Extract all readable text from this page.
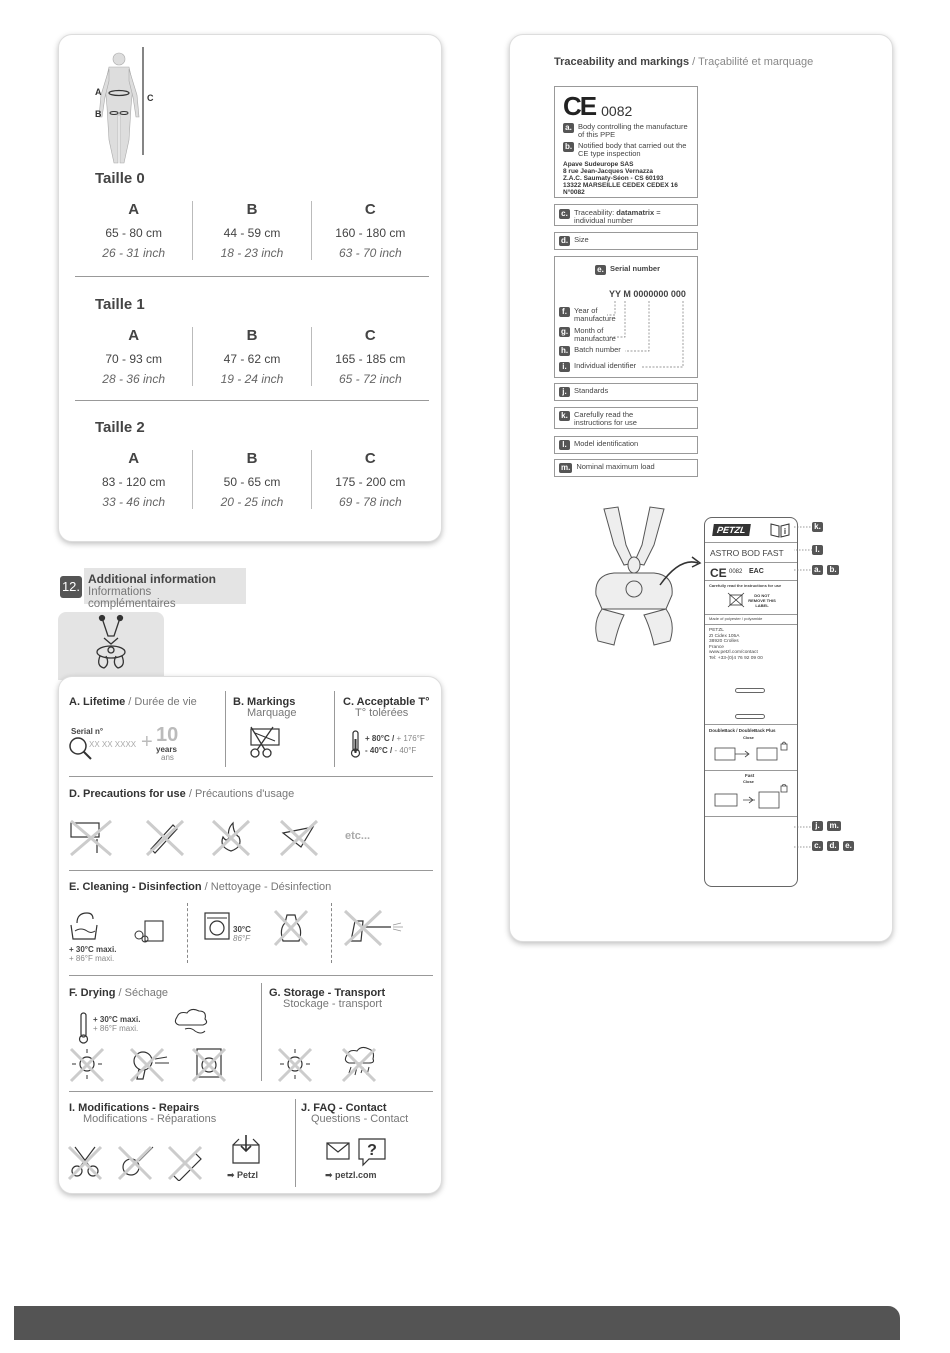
A
B
C
Taille 0
A
65 - 80 cm
26 - 31 inch
B
44 - 59 cm
18 - 23 inch
C
160 - 180 cm
63 - 70 inch
Taille 1
A
70 - 93 cm
28 - 36 inch
B
47 - 62 cm
19 - 24 inch
C
165 - 185 cm
65 - 72 inch
Taille 2
A
83 - 120 cm
33 - 46 inch
B
50 - 65 cm
20 - 25 inch
C
175 - 200 cm
69 - 78 inch
12. Additional information
Informations complémentaires
A. Lifetime / Durée de vie
Serial n°
XX XX XXXX + 10
years
ans
B. Markings
Marquage
C. Acceptable T°
T° tolérées
+ 80°C / + 176°F
- 40°C / - 40°F
D. Precautions for use / Précautions d'usage
etc...
E. Cleaning - Disinfection / Nettoyage - Désinfection
+ 30°C maxi.
+ 86°F maxi.
30°C
86°F
F. Drying / Séchage
+ 30°C maxi.
+ 86°F maxi.
G. Storage - Transport
Stockage - transport
I. Modifications - Repairs
Modifications - Réparations
➡ Petzl
J. FAQ - Contact
Questions - Contact
?
➡ petzl.com
Traceability and markings / Traçabilité et marquage
CE 0082
a. Body controlling the manufacture of this PPE
b. Notified body that carried out the CE type inspection
Apave Sudeurope SAS
8 rue Jean-Jacques Vernazza
Z.A.C. Saumaty-Séon - CS 60193
13322 MARSEILLE CEDEX CEDEX 16
N°0082
c. Traceability: datamatrix = individual number
d. Size
e. Serial number
YY M 0000000 000
f. Year of manufacture
g. Month of manufacture
h. Batch number
i. Individual identifier
j. Standards
k. Carefully read the instructions for use
l. Model identification
m. Nominal maximum load
PETZL	i
ASTRO BOD FAST
CE 0082 EAC
Carefully read the instructions for use
DO NOT REMOVE THIS LABEL
Made of polyester / polyamide
PETZL
ZI Cidex 105A
38920 Crolles
France
www.petzl.com/contact
Tel: +33-(0)4 76 92 09 00
DoubleBack / DoubleBack Plus
Close
Fast
Close
k.
l.
a. b.
j. m.
c. d. e.
